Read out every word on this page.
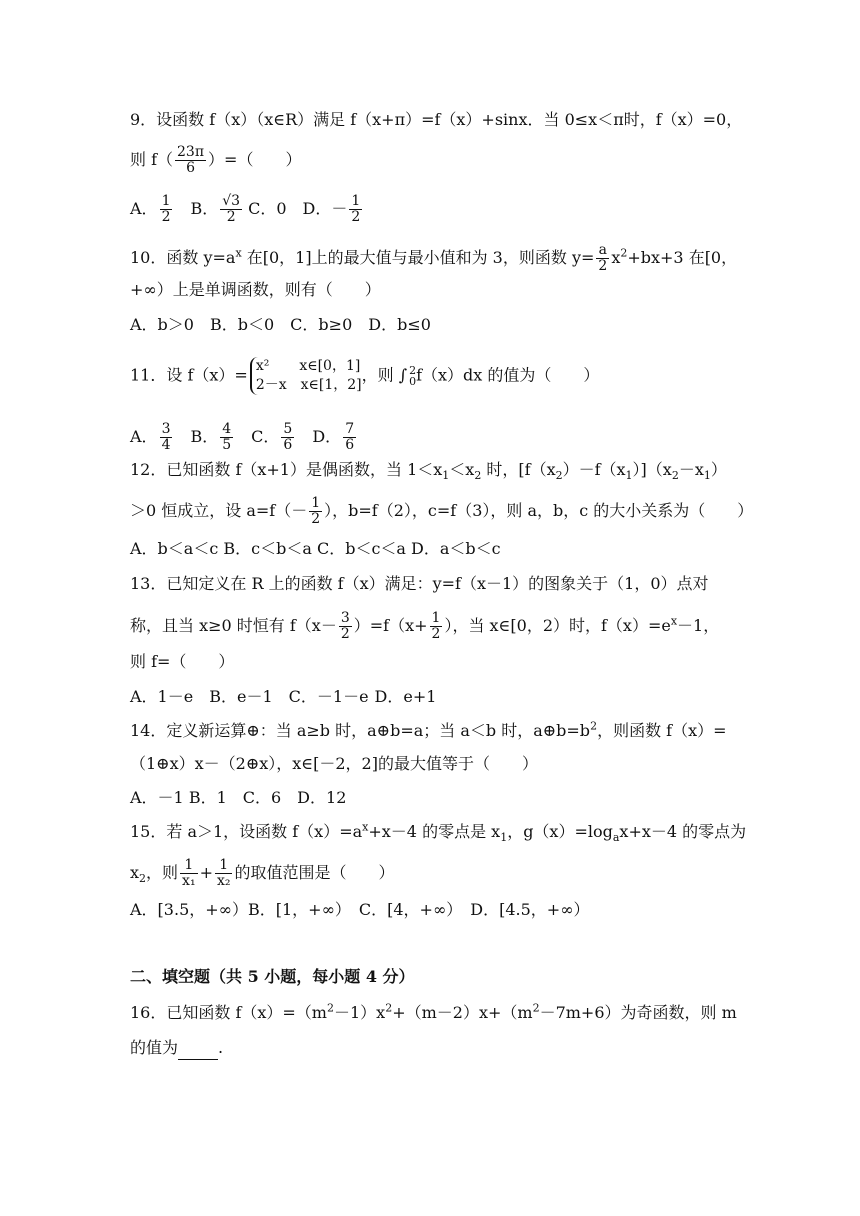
9．设函数 f（x）（x∈R）满足 f（x+π）=f（x）+sinx．当 0≤x＜π时，f（x）=0，
则 $f( \frac{23\pi}{6}$ ）=（　　）
A． $\frac{1}{2}$ B． $\frac{√3}{2}$ C．0 D．－ $\frac{1}{2}$
10．函数 $y=a^x$ 在[0，1]上的最大值与最小值和为 3，则函数 $y= \frac{a}{2} x^2+bx+3$ 在[0，
+∞）上是单调函数，则有（　　）
A．b＞0 B．b＜0 C．b≥0 D．b≤0
11．设 f（x）= x² x∈[0，1]
2－x x∈[1，2]
，则 ∫ 2
0 f（x）dx 的值为（　　）
A． $\frac{3}{4}$ B． $\frac{4}{5}$ C． $\frac{5}{6}$ D． $\frac{7}{6}$
12．已知函数 f（x+1）是偶函数，当 $1<x_1<x_2$ 时，$[f(x_2)-f(x_1)](x_2-x_1)$
＞0 恒成立，设 $a=f(- \frac{1}{2}$ ），b=f（2），c=f（3），则 a，b，c 的大小关系为（　　）
A．b＜a＜c B．c＜b＜a C．b＜c＜a D．a＜b＜c
13．已知定义在 R 上的函数 f（x）满足：y=f（x－1）的图象关于（1，0）点对
称，且当 x≥0 时恒有 $f(x- \frac{3}{2} )=f(x+ \frac{1}{2}$ ），当 x∈[0，2）时，$f(x)=e^x-1$，
则 f=（　　）
A．1－e B．e－1 C．－1－e D．e+1
14．定义新运算⊕：当 a≥b 时，a⊕b=a；当 a＜b 时，$a\oplus b=b^2$，则函数 f（x）=
（1⊕x）x－（2⊕x），x∈[－2，2]的最大值等于（　　）
A．－1 B．1　C．6　D．12
15．若 a＞1，设函数 $f(x)=a^x+x-4$ 的零点是 $x_1$，$g(x)=\log_ax+x-4$ 的零点为
$x_2$，则 $\frac{1}{\text{x₁}} + \frac{1}{\text{x₂}}$ 的取值范围是（　　）
A．[3.5，+∞）B．[1，+∞）　C．[4，+∞）　D．[4.5，+∞）
二、填空题（共 5 小题，每小题 4 分）
16．已知函数 $f(x)=(m^2-1)x^2+(m-2)x+(m^2-7m+6)$为奇函数，则 m
的值为	.
